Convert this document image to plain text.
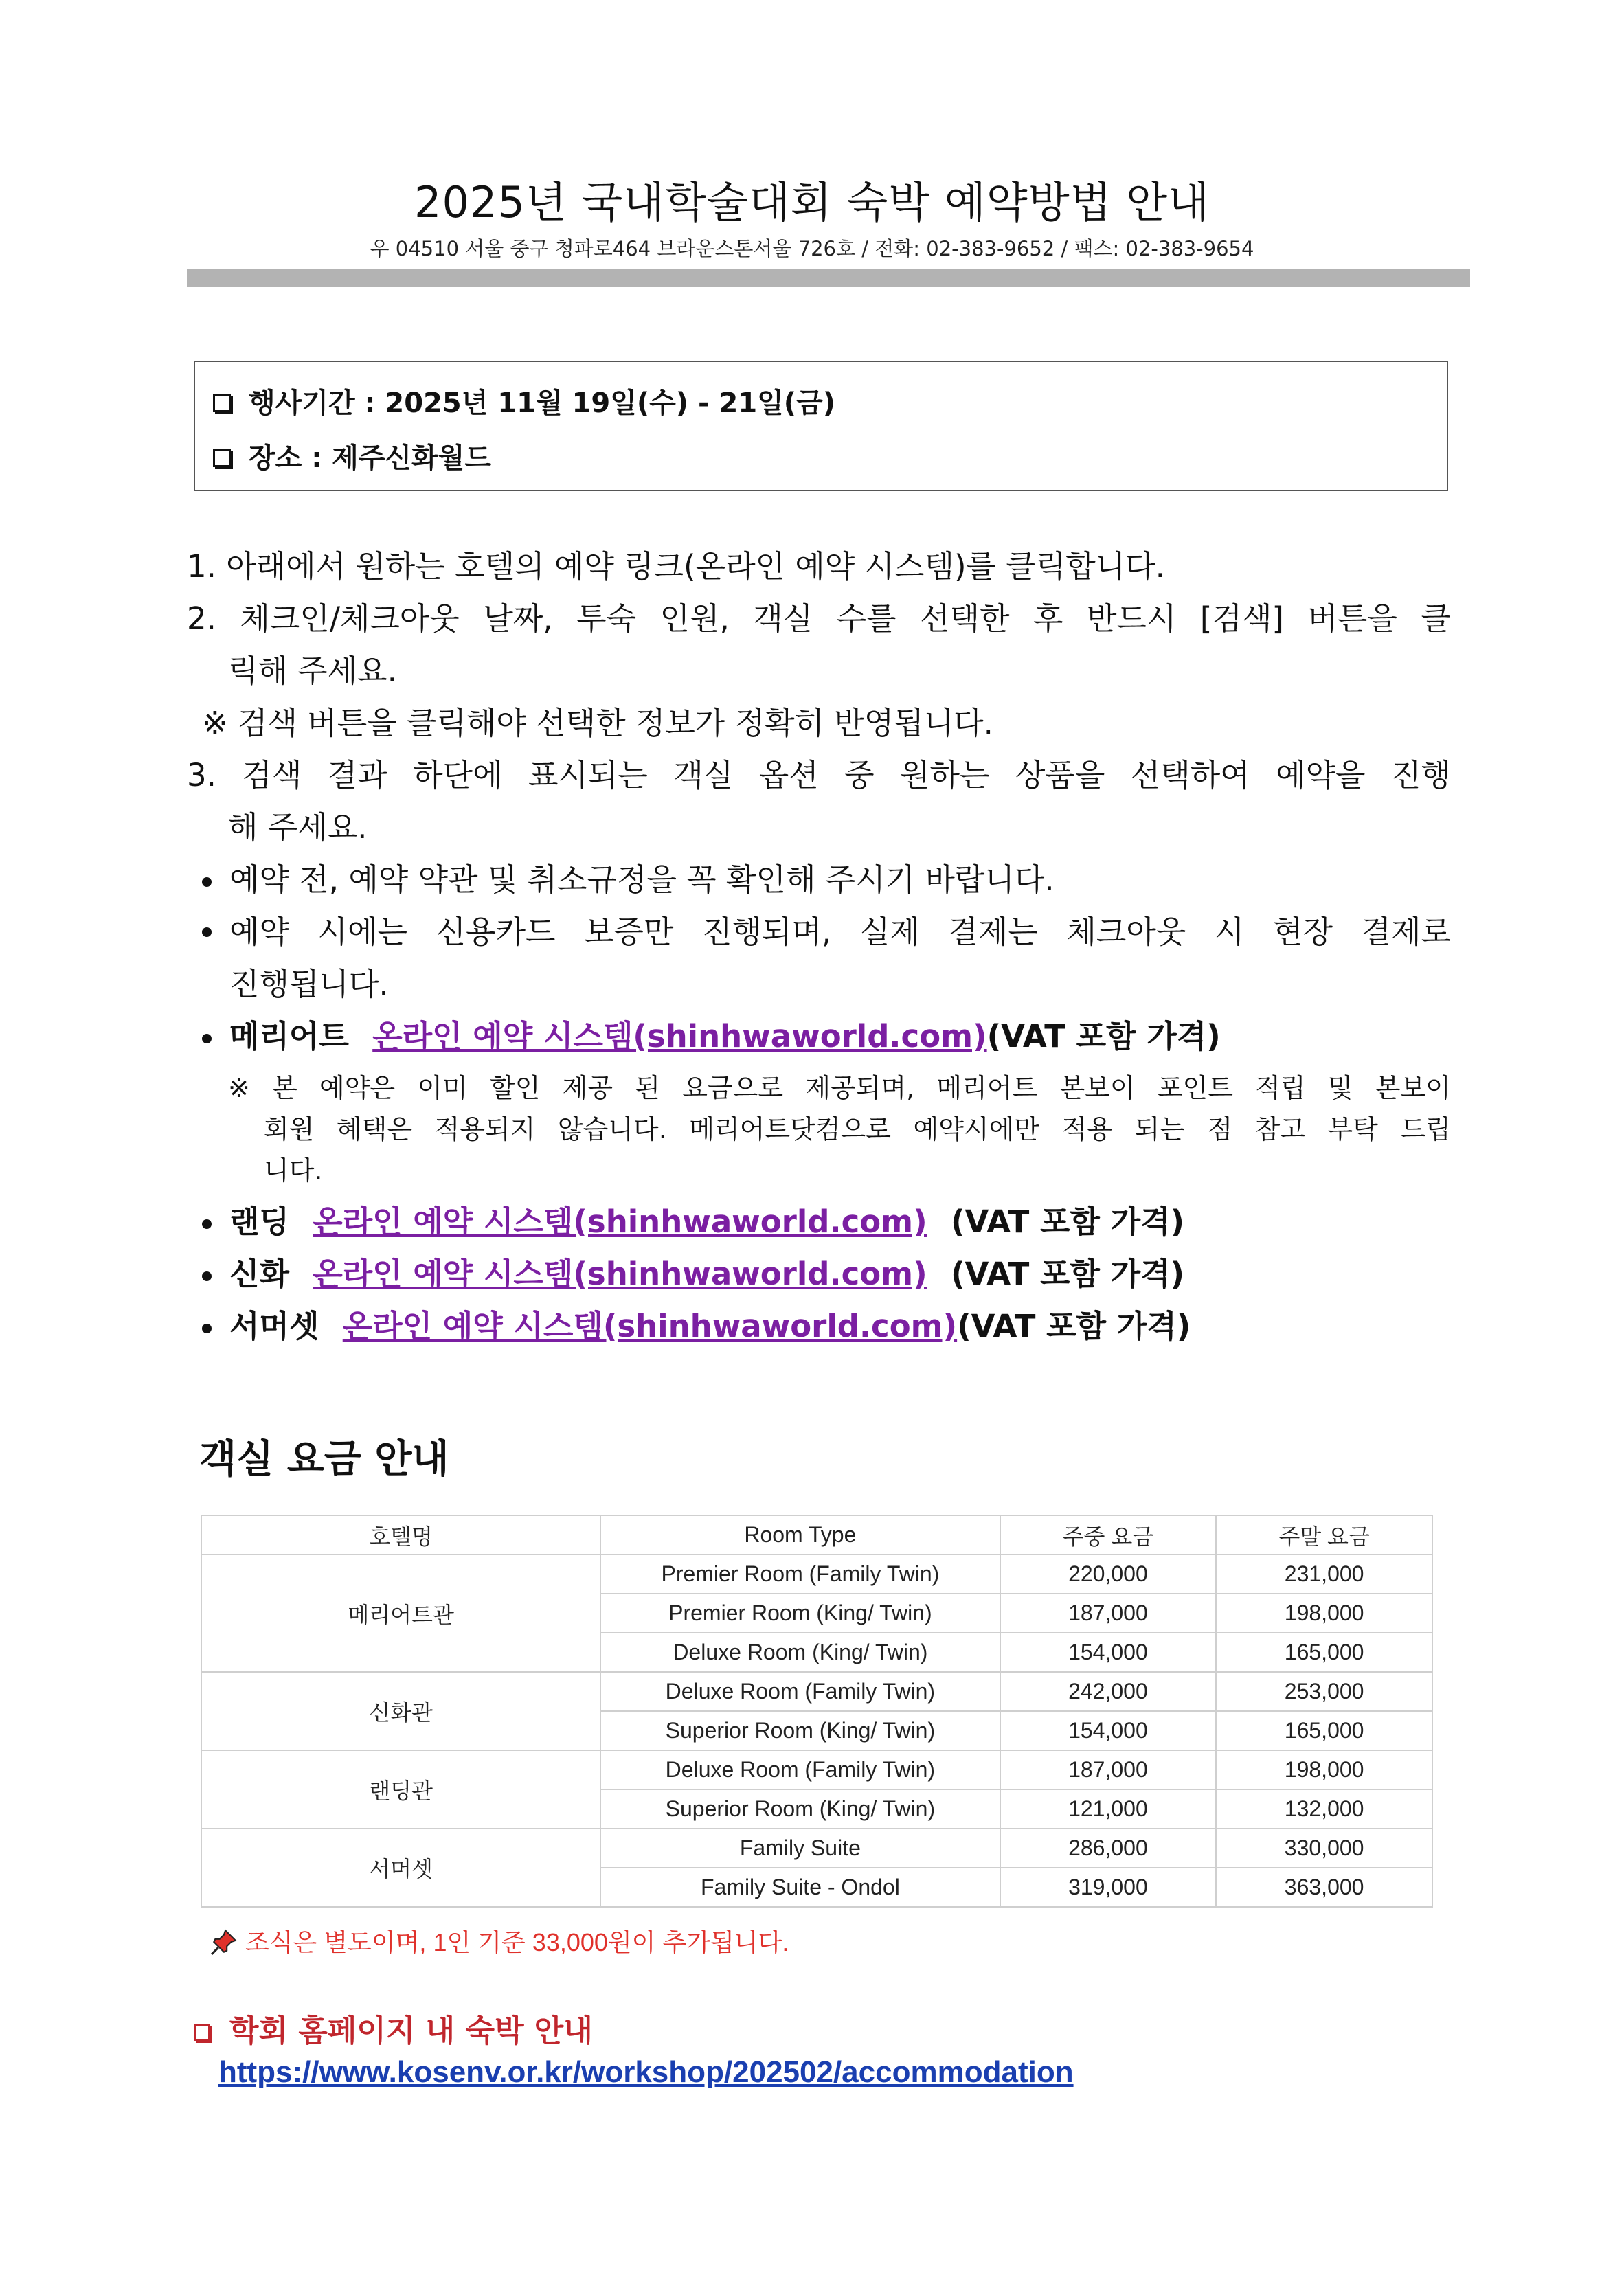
2025년 국내학술대회 숙박 예약방법 안내
우 04510 서울 중구 청파로464 브라운스톤서울 726호 / 전화: 02-383-9652 / 팩스: 02-383-9654
행사기간 : 2025년 11월 19일(수) - 21일(금)
장소 : 제주신화월드
1. 아래에서 원하는 호텔의 예약 링크(온라인 예약 시스템)를 클릭합니다.
2. 체크인/체크아웃 날짜, 투숙 인원, 객실 수를 선택한 후 반드시 [검색] 버튼을 클
릭해 주세요.
※ 검색 버튼을 클릭해야 선택한 정보가 정확히 반영됩니다.
3. 검색 결과 하단에 표시되는 객실 옵션 중 원하는 상품을 선택하여 예약을 진행
해 주세요.
예약 전, 예약 약관 및 취소규정을 꼭 확인해 주시기 바랍니다.
예약 시에는 신용카드 보증만 진행되며, 실제 결제는 체크아웃 시 현장 결제로
진행됩니다.
메리어트 온라인 예약 시스템(shinhwaworld.com)(VAT 포함 가격)
※ 본 예약은 이미 할인 제공 된 요금으로 제공되며, 메리어트 본보이 포인트 적립 및 본보이
회원 혜택은 적용되지 않습니다. 메리어트닷컴으로 예약시에만 적용 되는 점 참고 부탁 드립
니다.
랜딩 온라인 예약 시스템(shinhwaworld.com) (VAT 포함 가격)
신화 온라인 예약 시스템(shinhwaworld.com) (VAT 포함 가격)
서머셋 온라인 예약 시스템(shinhwaworld.com)(VAT 포함 가격)
객실 요금 안내
호텔명	Room Type	주중 요금	주말 요금
메리어트관	Premier Room (Family Twin)	220,000	231,000
	Premier Room (King/ Twin)	187,000	198,000
	Deluxe Room (King/ Twin)	154,000	165,000
신화관	Deluxe Room (Family Twin)	242,000	253,000
	Superior Room (King/ Twin)	154,000	165,000
랜딩관	Deluxe Room (Family Twin)	187,000	198,000
	Superior Room (King/ Twin)	121,000	132,000
서머셋	Family Suite	286,000	330,000
	Family Suite - Ondol	319,000	363,000
조식은 별도이며, 1인 기준 33,000원이 추가됩니다.
학회 홈페이지 내 숙박 안내
https://www.kosenv.or.kr/workshop/202502/accommodation
